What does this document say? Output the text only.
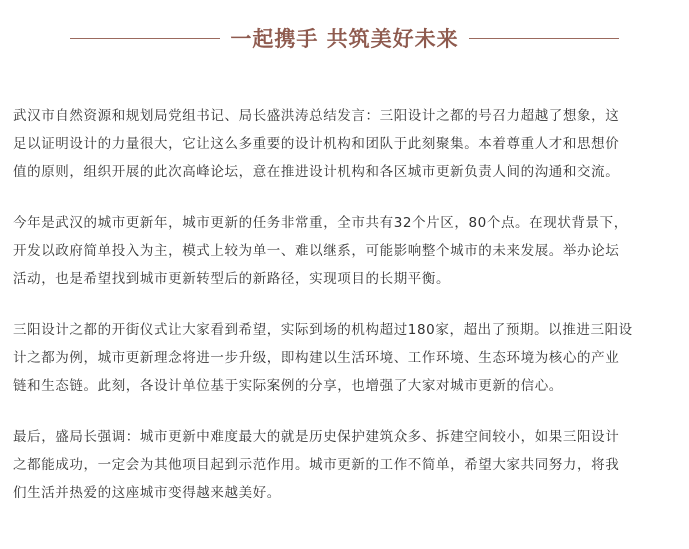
一起携手 共筑美好未来

武汉市自然资源和规划局党组书记、局长盛洪涛总结发言：三阳设计之都的号召力超越了想象，这
足以证明设计的力量很大，它让这么多重要的设计机构和团队于此刻聚集。本着尊重人才和思想价
值的原则，组织开展的此次高峰论坛，意在推进设计机构和各区城市更新负责人间的沟通和交流。

今年是武汉的城市更新年，城市更新的任务非常重，全市共有32个片区，80个点。在现状背景下，
开发以政府简单投入为主，模式上较为单一、难以继系，可能影响整个城市的未来发展。举办论坛
活动，也是希望找到城市更新转型后的新路径，实现项目的长期平衡。

三阳设计之都的开街仪式让大家看到希望，实际到场的机构超过180家，超出了预期。以推进三阳设
计之都为例，城市更新理念将进一步升级，即构建以生活环境、工作环境、生态环境为核心的产业
链和生态链。此刻，各设计单位基于实际案例的分享，也增强了大家对城市更新的信心。

最后，盛局长强调：城市更新中难度最大的就是历史保护建筑众多、拆建空间较小，如果三阳设计
之都能成功，一定会为其他项目起到示范作用。城市更新的工作不简单，希望大家共同努力，将我
们生活并热爱的这座城市变得越来越美好。
